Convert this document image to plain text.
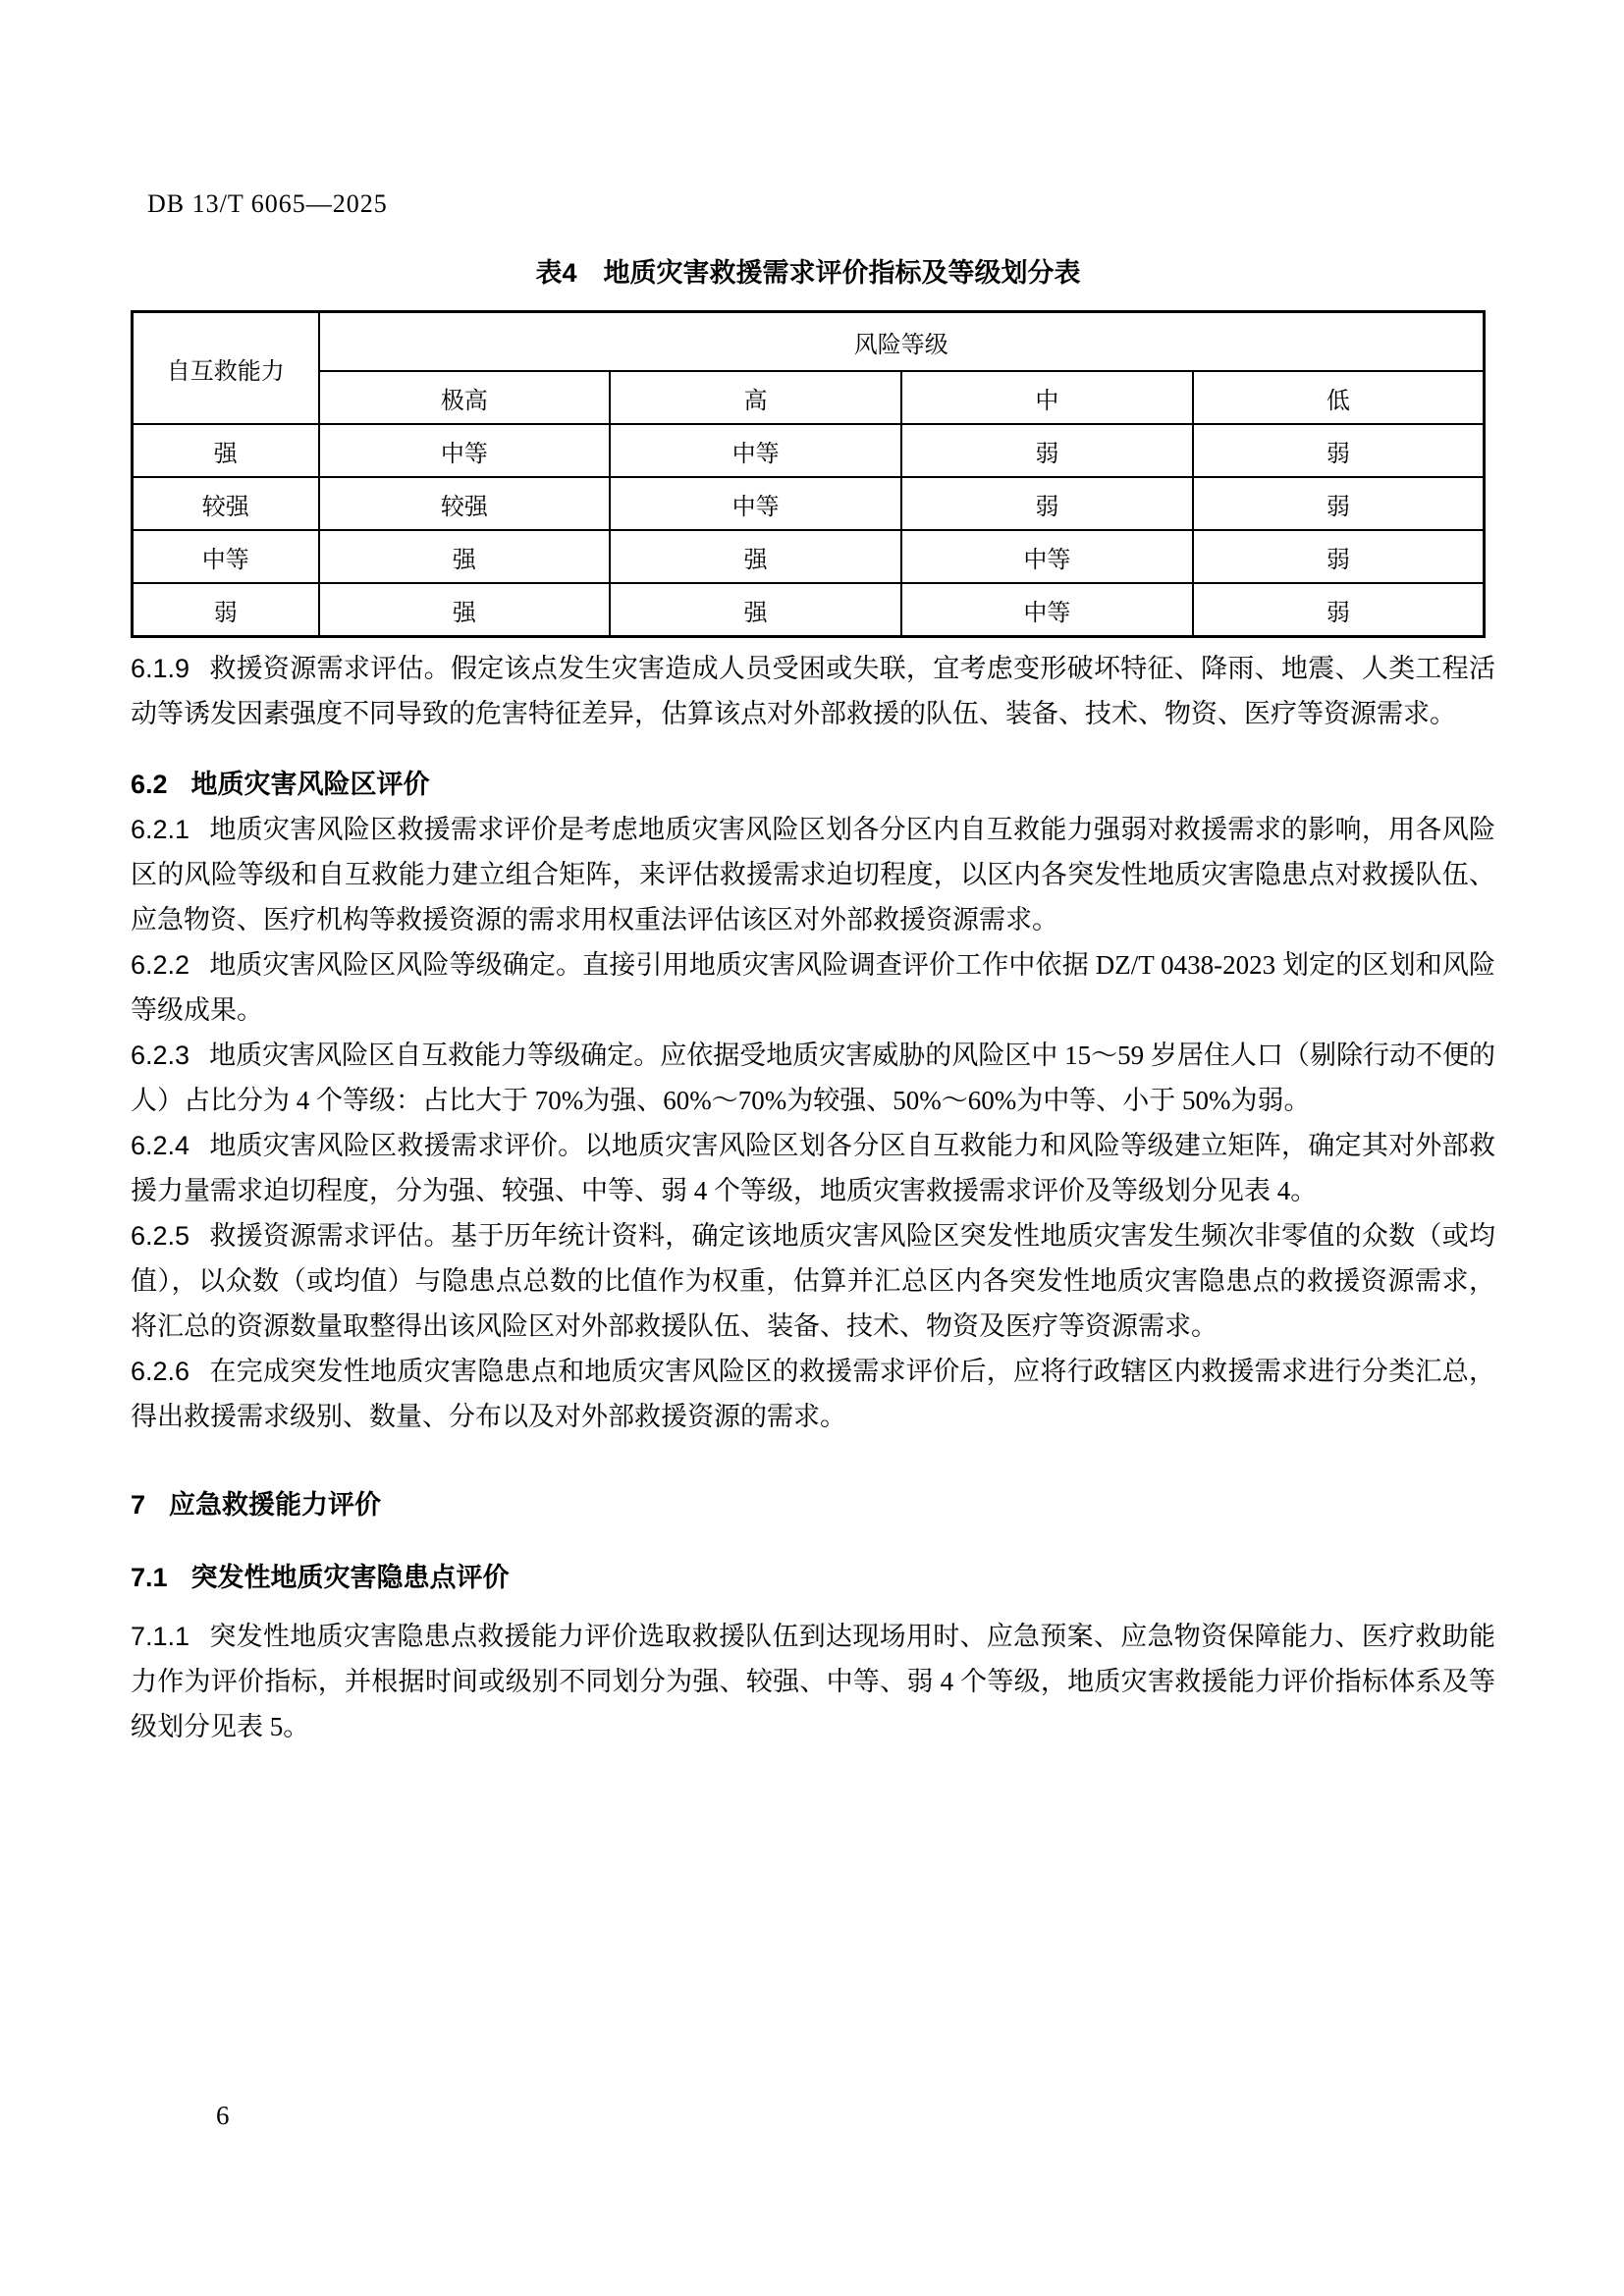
DB 13/T 6065—2025
表4　地质灾害救援需求评价指标及等级划分表
自互救能力	风险等级			
	极高	高	中	低
强	中等	中等	弱	弱
较强	较强	中等	弱	弱
中等	强	强	中等	弱
弱	强	强	中等	弱

6.1.9 救援资源需求评估。假定该点发生灾害造成人员受困或失联，宜考虑变形破坏特征、降雨、地震、人类工程活动等诱发因素强度不同导致的危害特征差异，估算该点对外部救援的队伍、装备、技术、物资、医疗等资源需求。

6.2 地质灾害风险区评价

6.2.1 地质灾害风险区救援需求评价是考虑地质灾害风险区划各分区内自互救能力强弱对救援需求的影响，用各风险区的风险等级和自互救能力建立组合矩阵，来评估救援需求迫切程度，以区内各突发性地质灾害隐患点对救援队伍、应急物资、医疗机构等救援资源的需求用权重法评估该区对外部救援资源需求。

6.2.2 地质灾害风险区风险等级确定。直接引用地质灾害风险调查评价工作中依据 DZ/T 0438-2023 划定的区划和风险等级成果。

6.2.3 地质灾害风险区自互救能力等级确定。应依据受地质灾害威胁的风险区中 15～59 岁居住人口（剔除行动不便的人）占比分为 4 个等级：占比大于 70%为强、60%～70%为较强、50%～60%为中等、小于 50%为弱。

6.2.4 地质灾害风险区救援需求评价。以地质灾害风险区划各分区自互救能力和风险等级建立矩阵，确定其对外部救援力量需求迫切程度，分为强、较强、中等、弱 4 个等级，地质灾害救援需求评价及等级划分见表 4。

6.2.5 救援资源需求评估。基于历年统计资料，确定该地质灾害风险区突发性地质灾害发生频次非零值的众数（或均值），以众数（或均值）与隐患点总数的比值作为权重，估算并汇总区内各突发性地质灾害隐患点的救援资源需求，将汇总的资源数量取整得出该风险区对外部救援队伍、装备、技术、物资及医疗等资源需求。

6.2.6 在完成突发性地质灾害隐患点和地质灾害风险区的救援需求评价后，应将行政辖区内救援需求进行分类汇总，得出救援需求级别、数量、分布以及对外部救援资源的需求。

7 应急救援能力评价

7.1 突发性地质灾害隐患点评价

7.1.1 突发性地质灾害隐患点救援能力评价选取救援队伍到达现场用时、应急预案、应急物资保障能力、医疗救助能力作为评价指标，并根据时间或级别不同划分为强、较强、中等、弱 4 个等级，地质灾害救援能力评价指标体系及等级划分见表 5。

6
